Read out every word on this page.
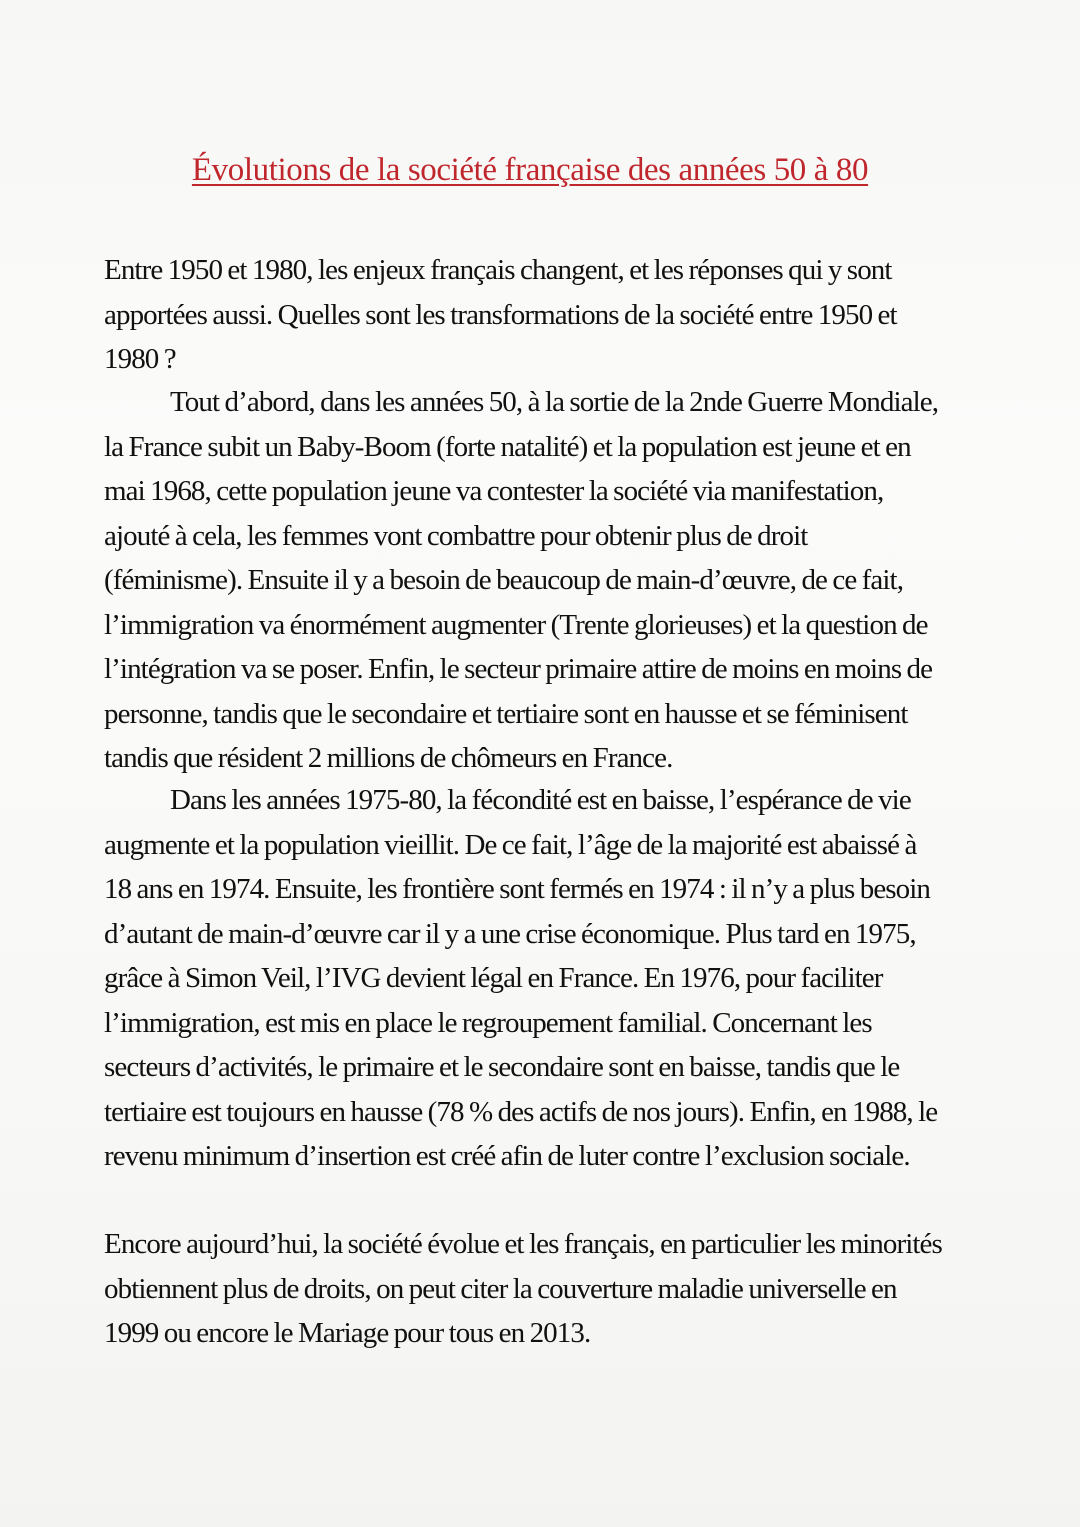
Évolutions de la société française des années 50 à 80

Entre 1950 et 1980, les enjeux français changent, et les réponses qui y sont apportées aussi. Quelles sont les transformations de la société entre 1950 et 1980 ?

Tout d’abord, dans les années 50, à la sortie de la 2nde Guerre Mondiale, la France subit un Baby-Boom (forte natalité) et la population est jeune et en mai 1968, cette population jeune va contester la société via manifestation, ajouté à cela, les femmes vont combattre pour obtenir plus de droit (féminisme). Ensuite il y a besoin de beaucoup de main-d’œuvre, de ce fait, l’immigration va énormément augmenter (Trente glorieuses) et la question de l’intégration va se poser. Enfin, le secteur primaire attire de moins en moins de personne, tandis que le secondaire et tertiaire sont en hausse et se féminisent tandis que résident 2 millions de chômeurs en France.

Dans les années 1975-80, la fécondité est en baisse, l’espérance de vie augmente et la population vieillit. De ce fait, l’âge de la majorité est abaissé à 18 ans en 1974. Ensuite, les frontière sont fermés en 1974 : il n’y a plus besoin d’autant de main-d’œuvre car il y a une crise économique. Plus tard en 1975, grâce à Simon Veil, l’IVG devient légal en France. En 1976, pour faciliter l’immigration, est mis en place le regroupement familial. Concernant les secteurs d’activités, le primaire et le secondaire sont en baisse, tandis que le tertiaire est toujours en hausse (78 % des actifs de nos jours). Enfin, en 1988, le revenu minimum d’insertion est créé afin de luter contre l’exclusion sociale.

Encore aujourd’hui, la société évolue et les français, en particulier les minorités obtiennent plus de droits, on peut citer la couverture maladie universelle en 1999 ou encore le Mariage pour tous en 2013.
